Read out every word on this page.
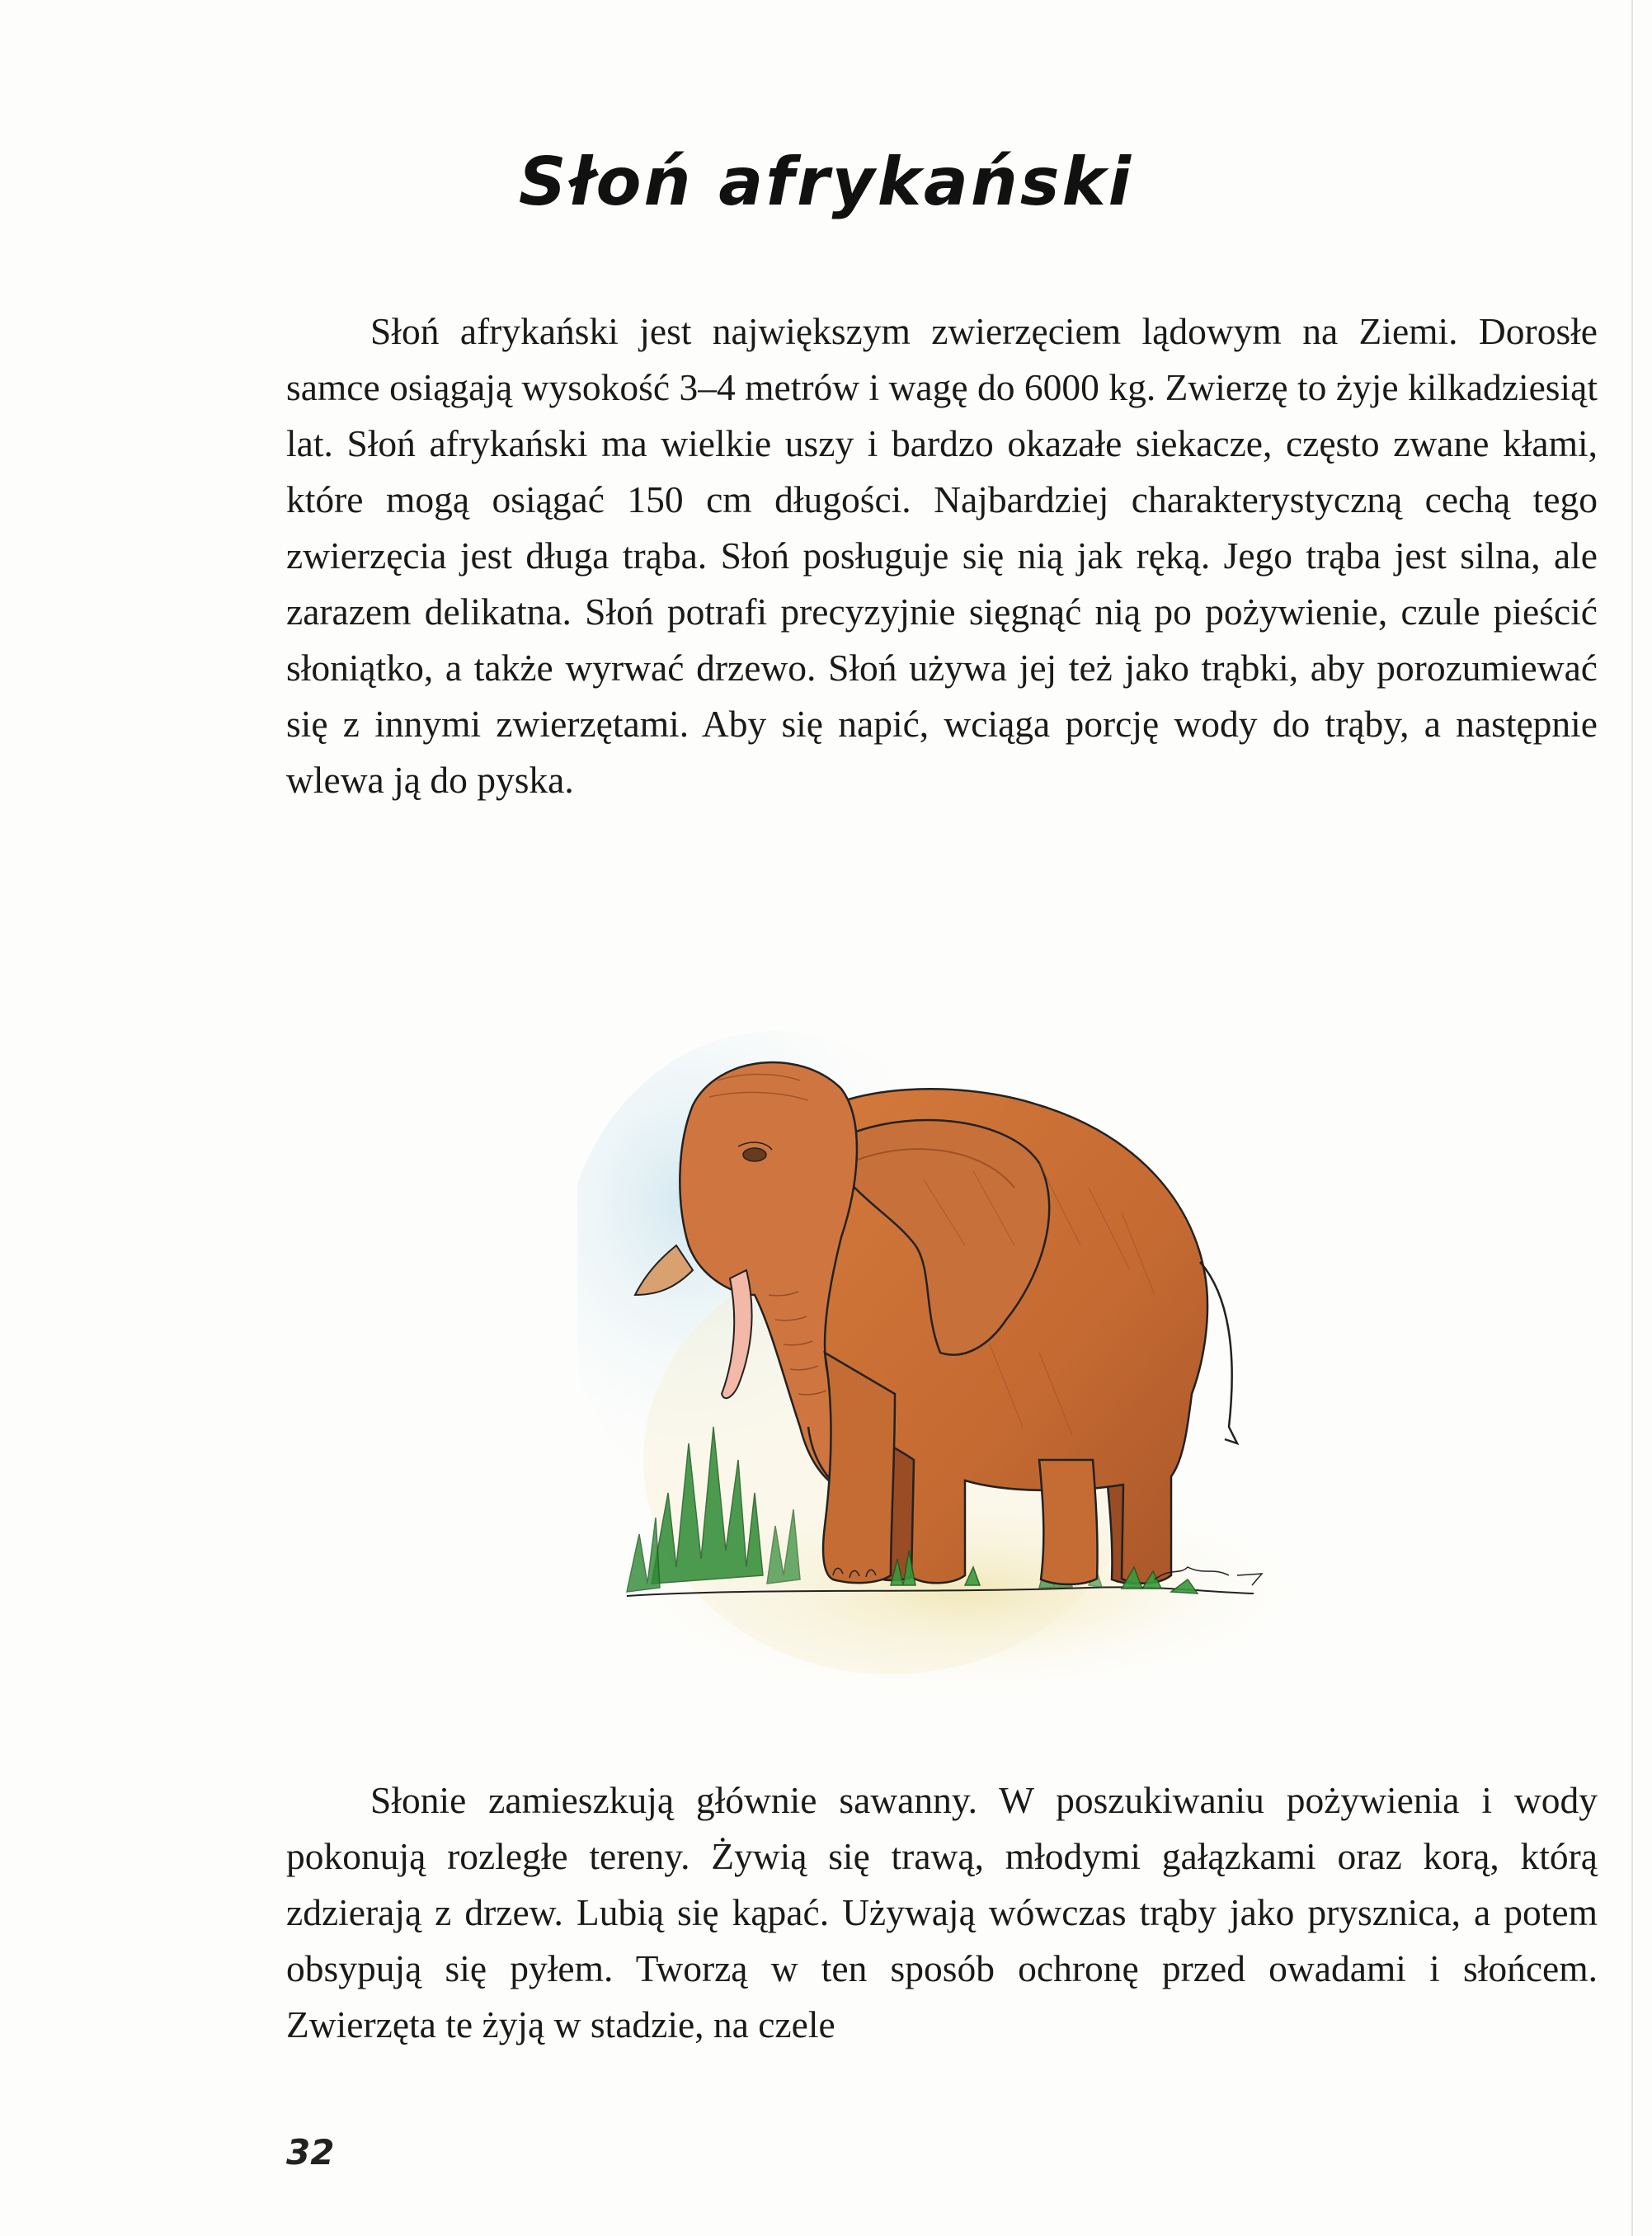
Słoń afrykański

Słoń afrykański jest największym zwierzęciem lądowym na Ziemi. Dorosłe samce osiągają wysokość 3–4 metrów i wagę do 6000 kg. Zwierzę to żyje kilkadziesiąt lat. Słoń afrykański ma wielkie uszy i bardzo okazałe siekacze, często zwane kłami, które mogą osiągać 150 cm długości. Najbardziej charakterystyczną cechą tego zwierzęcia jest długa trąba. Słoń posługuje się nią jak ręką. Jego trąba jest silna, ale zarazem delikatna. Słoń potrafi precyzyjnie sięgnąć nią po pożywienie, czule pieścić słoniątko, a także wyrwać drzewo. Słoń używa jej też jako trąbki, aby porozumiewać się z innymi zwierzętami. Aby się napić, wciąga porcję wody do trąby, a następnie wlewa ją do pyska.

Słonie zamieszkują głównie sawanny. W poszukiwaniu pożywienia i wody pokonują rozległe tereny. Żywią się trawą, młodymi gałązkami oraz korą, którą zdzierają z drzew. Lubią się kąpać. Używają wówczas trąby jako prysznica, a potem obsypują się pyłem. Tworzą w ten sposób ochronę przed owadami i słońcem. Zwierzęta te żyją w stadzie, na czele

32
